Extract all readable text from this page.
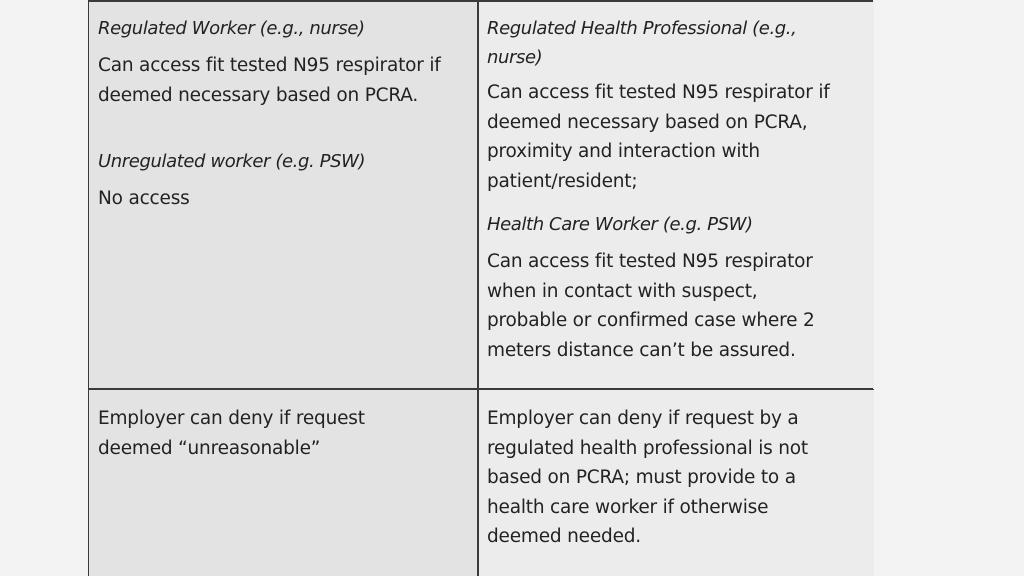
Regulated Worker (e.g., nurse)

Can access fit tested N95 respirator if
deemed necessary based on PCRA.

Unregulated worker (e.g. PSW)

No access

Regulated Health Professional (e.g.,
nurse)

Can access fit tested N95 respirator if
deemed necessary based on PCRA,
proximity and interaction with
patient/resident;

Health Care Worker (e.g. PSW)

Can access fit tested N95 respirator
when in contact with suspect,
probable or confirmed case where 2
meters distance can’t be assured.

Employer can deny if request
deemed “unreasonable”

Employer can deny if request by a
regulated health professional is not
based on PCRA; must provide to a
health care worker if otherwise
deemed needed.
